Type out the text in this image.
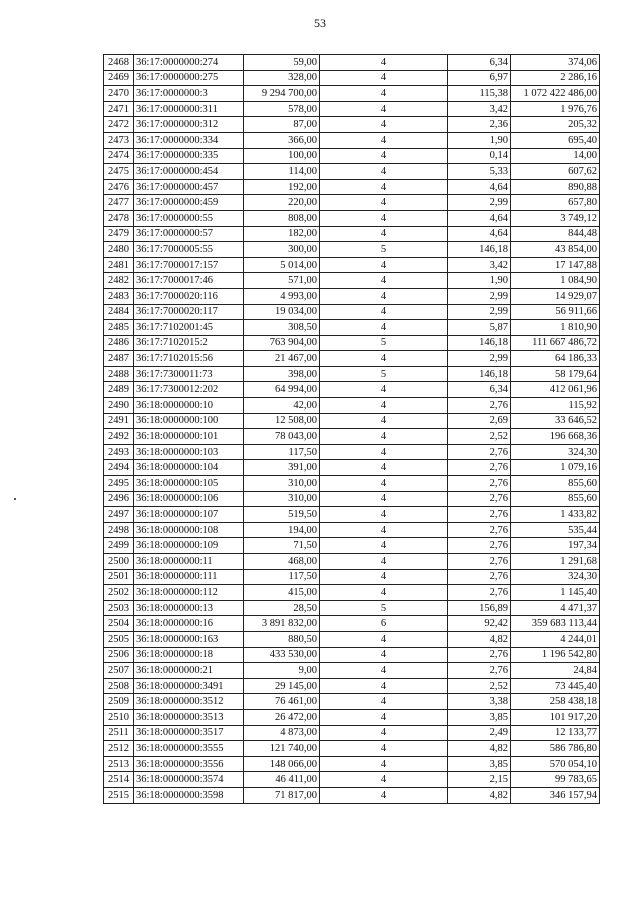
53
2468	36:17:0000000:274	59,00	4	6,34	374,06
2469	36:17:0000000:275	328,00	4	6,97	2 286,16
2470	36:17:0000000:3	9 294 700,00	4	115,38	1 072 422 486,00
2471	36:17:0000000:311	578,00	4	3,42	1 976,76
2472	36:17:0000000:312	87,00	4	2,36	205,32
2473	36:17:0000000:334	366,00	4	1,90	695,40
2474	36:17:0000000:335	100,00	4	0,14	14,00
2475	36:17:0000000:454	114,00	4	5,33	607,62
2476	36:17:0000000:457	192,00	4	4,64	890,88
2477	36:17:0000000:459	220,00	4	2,99	657,80
2478	36:17:0000000:55	808,00	4	4,64	3 749,12
2479	36:17:0000000:57	182,00	4	4,64	844,48
2480	36:17:7000005:55	300,00	5	146,18	43 854,00
2481	36:17:7000017:157	5 014,00	4	3,42	17 147,88
2482	36:17:7000017:46	571,00	4	1,90	1 084,90
2483	36:17:7000020:116	4 993,00	4	2,99	14 929,07
2484	36:17:7000020:117	19 034,00	4	2,99	56 911,66
2485	36:17:7102001:45	308,50	4	5,87	1 810,90
2486	36:17:7102015:2	763 904,00	5	146,18	111 667 486,72
2487	36:17:7102015:56	21 467,00	4	2,99	64 186,33
2488	36:17:7300011:73	398,00	5	146,18	58 179,64
2489	36:17:7300012:202	64 994,00	4	6,34	412 061,96
2490	36:18:0000000:10	42,00	4	2,76	115,92
2491	36:18:0000000:100	12 508,00	4	2,69	33 646,52
2492	36:18:0000000:101	78 043,00	4	2,52	196 668,36
2493	36:18:0000000:103	117,50	4	2,76	324,30
2494	36:18:0000000:104	391,00	4	2,76	1 079,16
2495	36:18:0000000:105	310,00	4	2,76	855,60
2496	36:18:0000000:106	310,00	4	2,76	855,60
2497	36:18:0000000:107	519,50	4	2,76	1 433,82
2498	36:18:0000000:108	194,00	4	2,76	535,44
2499	36:18:0000000:109	71,50	4	2,76	197,34
2500	36:18:0000000:11	468,00	4	2,76	1 291,68
2501	36:18:0000000:111	117,50	4	2,76	324,30
2502	36:18:0000000:112	415,00	4	2,76	1 145,40
2503	36:18:0000000:13	28,50	5	156,89	4 471,37
2504	36:18:0000000:16	3 891 832,00	6	92,42	359 683 113,44
2505	36:18:0000000:163	880,50	4	4,82	4 244,01
2506	36:18:0000000:18	433 530,00	4	2,76	1 196 542,80
2507	36:18:0000000:21	9,00	4	2,76	24,84
2508	36:18:0000000:3491	29 145,00	4	2,52	73 445,40
2509	36:18:0000000:3512	76 461,00	4	3,38	258 438,18
2510	36:18:0000000:3513	26 472,00	4	3,85	101 917,20
2511	36:18:0000000:3517	4 873,00	4	2,49	12 133,77
2512	36:18:0000000:3555	121 740,00	4	4,82	586 786,80
2513	36:18:0000000:3556	148 066,00	4	3,85	570 054,10
2514	36:18:0000000:3574	46 411,00	4	2,15	99 783,65
2515	36:18:0000000:3598	71 817,00	4	4,82	346 157,94
